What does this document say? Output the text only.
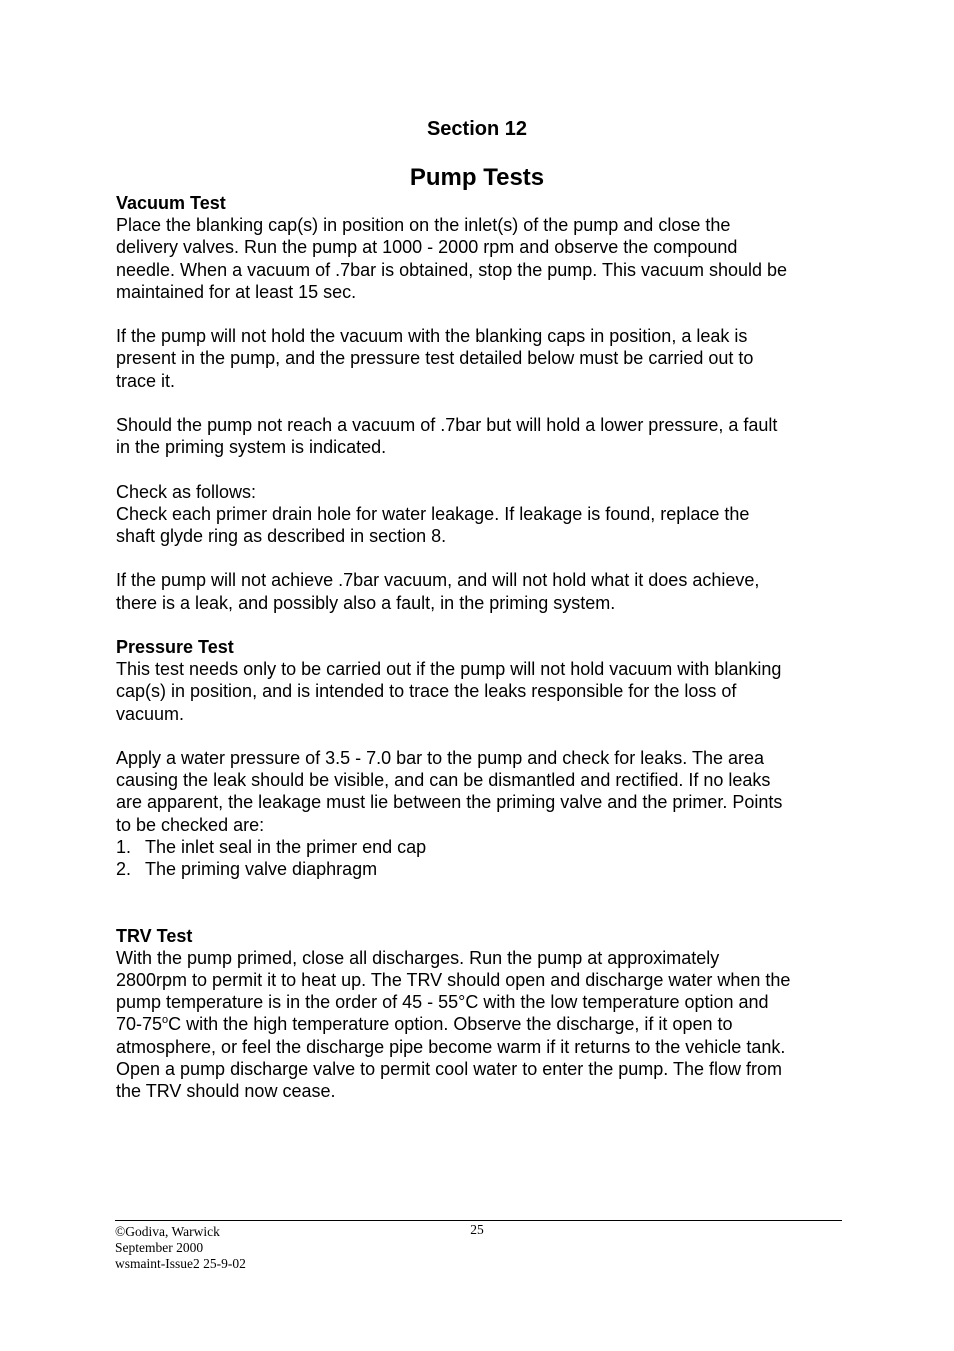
Section 12
Pump Tests

Vacuum Test

Place the blanking cap(s) in position on the inlet(s) of the pump and close the

delivery valves. Run the pump at 1000 - 2000 rpm and observe the compound

needle. When a vacuum of .7bar is obtained, stop the pump. This vacuum should be

maintained for at least 15 sec.

If the pump will not hold the vacuum with the blanking caps in position, a leak is

present in the pump, and the pressure test detailed below must be carried out to

trace it.

Should the pump not reach a vacuum of .7bar but will hold a lower pressure, a fault

in the priming system is indicated.

Check as follows:

Check each primer drain hole for water leakage. If leakage is found, replace the

shaft glyde ring as described in section 8.

If the pump will not achieve .7bar vacuum, and will not hold what it does achieve,

there is a leak, and possibly also a fault, in the priming system.

Pressure Test

This test needs only to be carried out if the pump will not hold vacuum with blanking

cap(s) in position, and is intended to trace the leaks responsible for the loss of

vacuum.

Apply a water pressure of 3.5 - 7.0 bar to the pump and check for leaks. The area

causing the leak should be visible, and can be dismantled and rectified. If no leaks

are apparent, the leakage must lie between the priming valve and the primer. Points

to be checked are:

1. The inlet seal in the primer end cap
2. The priming valve diaphragm

TRV Test

With the pump primed, close all discharges. Run the pump at approximately

2800rpm to permit it to heat up. The TRV should open and discharge water when the

pump temperature is in the order of 45 - 55°C with the low temperature option and

70-75$^o$C with the high temperature option. Observe the discharge, if it open to

atmosphere, or feel the discharge pipe become warm if it returns to the vehicle tank.

Open a pump discharge valve to permit cool water to enter the pump. The flow from

the TRV should now cease.

©Godiva, Warwick
September 2000
wsmaint-Issue2 25-9-02
25
